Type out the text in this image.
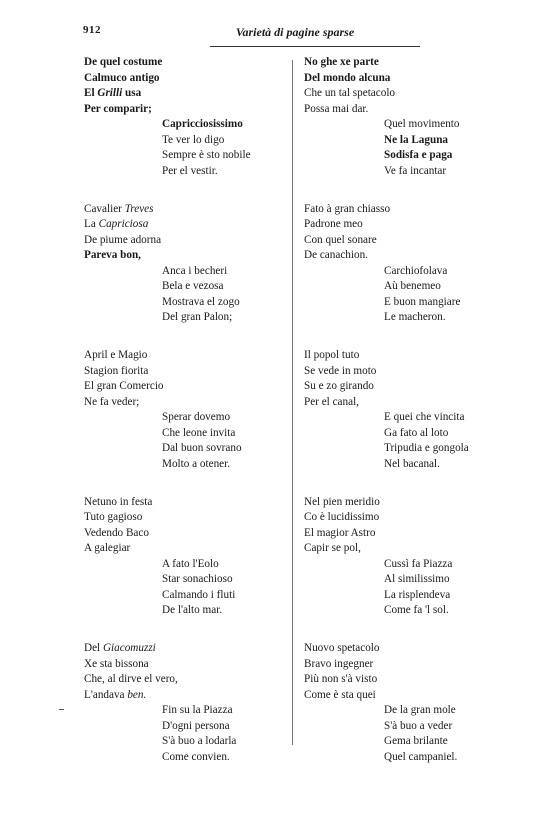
912	Varietà di pagine sparse
De quel costume
Calmuco antigo
El Grilli usa
Per comparir;
Capricciosissimo
Te ver lo digo
Sempre è sto nobile
Per el vestir.
Cavalier Treves
La Capriciosa
De piume adorna
Pareva bon,
Anca i becheri
Bela e vezosa
Mostrava el zogo
Del gran Palon;
April e Magio
Stagion fiorita
El gran Comercio
Ne fa veder;
Sperar dovemo
Che leone invita
Dal buon sovrano
Molto a otener.
Netuno in festa
Tuto gagioso
Vedendo Baco
A galegiar
A fato l'Eolo
Star sonachioso
Calmando i fluti
De l'alto mar.
Del Giacomuzzi
Xe sta bissona
Che, al dirve el vero,
L'andava ben.
Fin su la Piazza
D'ogni persona
S'à buo a lodarla
Come convien.
No ghe xe parte
Del mondo alcuna
Che un tal spetacolo
Possa mai dar.
Quel movimento
Ne la Laguna
Sodisfa e paga
Ve fa incantar
Fato à gran chiasso
Padrone meo
Con quel sonare
De canachion.
Carchiofolava
Aù benemeo
E buon mangiare
Le macheron.
Il popol tuto
Se vede in moto
Su e zo girando
Per el canal,
E quei che vincita
Ga fato al loto
Tripudia e gongola
Nel bacanal.
Nel pien meridio
Co è lucidissimo
El magior Astro
Capir se pol,
Cussì fa Piazza
Al similissimo
La risplendeva
Come fa 'l sol.
Nuovo spetacolo
Bravo ingegner
Più non s'à visto
Come è sta quei
De la gran mole
S'à buo a veder
Gema brilante
Quel campaniel.
